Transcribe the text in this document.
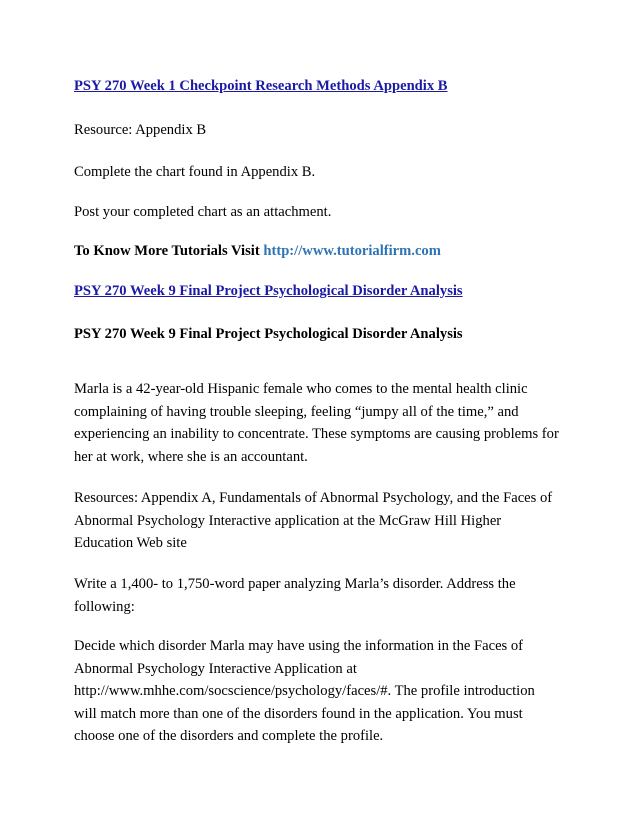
PSY 270 Week 1 Checkpoint Research Methods Appendix B
Resource: Appendix B
Complete the chart found in Appendix B.
Post your completed chart as an attachment.
To Know More Tutorials Visit http://www.tutorialfirm.com
PSY 270 Week 9 Final Project Psychological Disorder Analysis
PSY 270 Week 9 Final Project Psychological Disorder Analysis
Marla is a 42-year-old Hispanic female who comes to the mental health clinic
complaining of having trouble sleeping, feeling “jumpy all of the time,” and
experiencing an inability to concentrate. These symptoms are causing problems for
her at work, where she is an accountant.
Resources: Appendix A, Fundamentals of Abnormal Psychology, and the Faces of
Abnormal Psychology Interactive application at the McGraw Hill Higher
Education Web site
Write a 1,400- to 1,750-word paper analyzing Marla’s disorder. Address the
following:
Decide which disorder Marla may have using the information in the Faces of
Abnormal Psychology Interactive Application at
http://www.mhhe.com/socscience/psychology/faces/#. The profile introduction
will match more than one of the disorders found in the application. You must
choose one of the disorders and complete the profile.
